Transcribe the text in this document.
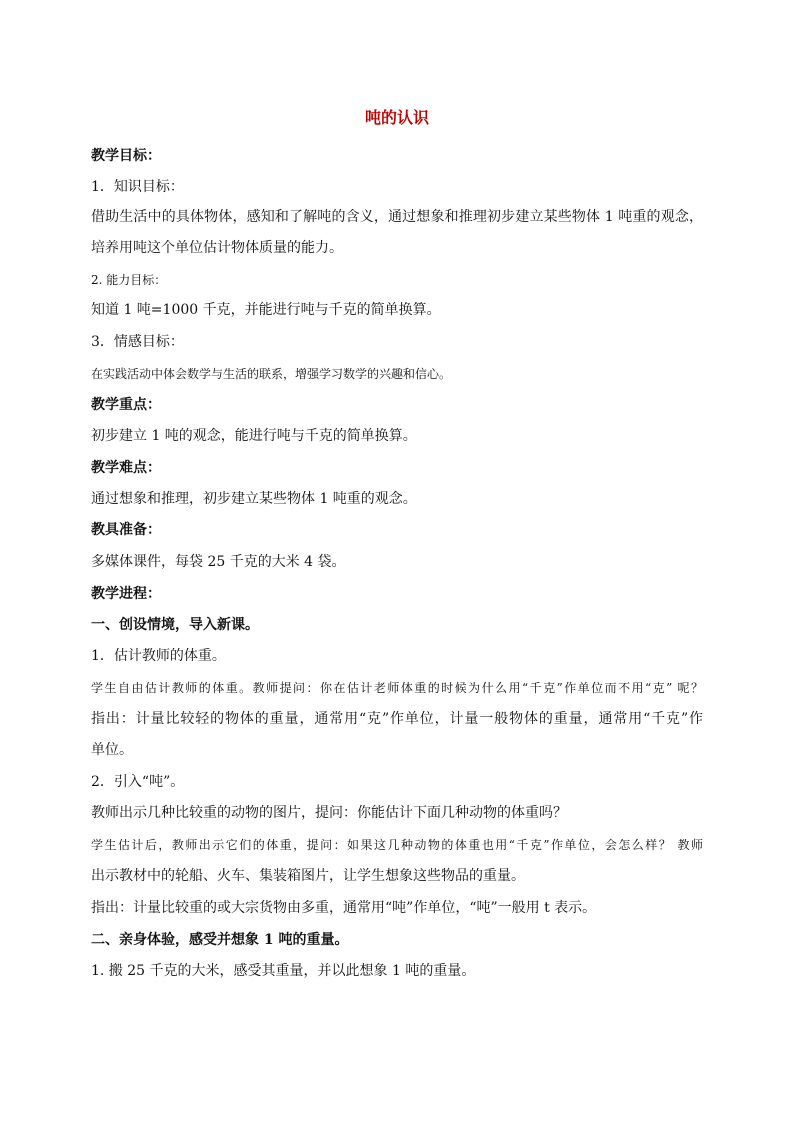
吨的认识
教学目标：
1．知识目标：
借助生活中的具体物体，感知和了解吨的含义，通过想象和推理初步建立某些物体 1 吨重的观念，
培养用吨这个单位估计物体质量的能力。
2. 能力目标：
知道 1 吨=1000 千克，并能进行吨与千克的简单换算。
3．情感目标：
在实践活动中体会数学与生活的联系，增强学习数学的兴趣和信心。
教学重点：
初步建立 1 吨的观念，能进行吨与千克的简单换算。
教学难点：
通过想象和推理，初步建立某些物体 1 吨重的观念。
教具准备：
多媒体课件，每袋 25 千克的大米 4 袋。
教学进程：
一、创设情境，导入新课。
1．估计教师的体重。
学生自由估计教师的体重。教师提问：你在估计老师体重的时候为什么用“千克”作单位而不用“克” 呢？
指出：计量比较轻的物体的重量，通常用“克”作单位，计量一般物体的重量，通常用“千克”作
单位。
2．引入“吨”。
教师出示几种比较重的动物的图片，提问：你能估计下面几种动物的体重吗？
学生估计后，教师出示它们的体重，提问：如果这几种动物的体重也用“千克”作单位，会怎么样？ 教师
出示教材中的轮船、火车、集装箱图片，让学生想象这些物品的重量。
指出：计量比较重的或大宗货物由多重，通常用“吨”作单位，“吨”一般用 t 表示。
二、亲身体验，感受并想象 1 吨的重量。
1. 搬 25 千克的大米，感受其重量，并以此想象 1 吨的重量。
